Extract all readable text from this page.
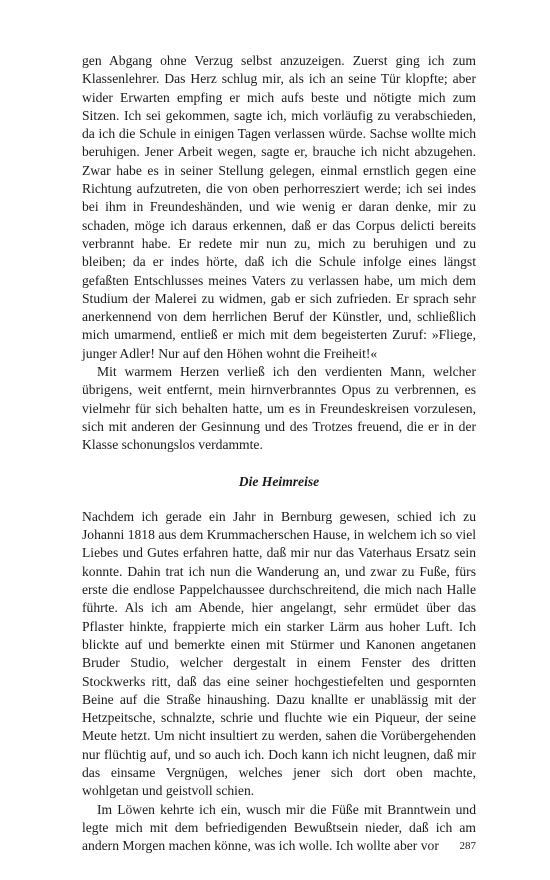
gen Abgang ohne Verzug selbst anzuzeigen. Zuerst ging ich zum Klassenlehrer. Das Herz schlug mir, als ich an seine Tür klopfte; aber wider Erwarten empfing er mich aufs beste und nötigte mich zum Sitzen. Ich sei gekommen, sagte ich, mich vorläufig zu verabschieden, da ich die Schule in einigen Tagen verlassen würde. Sachse wollte mich beruhigen. Jener Arbeit wegen, sagte er, brauche ich nicht abzugehen. Zwar habe es in seiner Stellung gelegen, einmal ernstlich gegen eine Richtung aufzutreten, die von oben perhorresziert werde; ich sei indes bei ihm in Freundeshänden, und wie wenig er daran denke, mir zu schaden, möge ich daraus erkennen, daß er das Corpus delicti bereits verbrannt habe. Er redete mir nun zu, mich zu beruhigen und zu bleiben; da er indes hörte, daß ich die Schule infolge eines längst gefaßten Entschlusses meines Vaters zu verlassen habe, um mich dem Studium der Malerei zu widmen, gab er sich zufrieden. Er sprach sehr anerkennend von dem herrlichen Beruf der Künstler, und, schließlich mich umarmend, entließ er mich mit dem begeisterten Zuruf: »Fliege, junger Adler! Nur auf den Höhen wohnt die Freiheit!«

Mit warmem Herzen verließ ich den verdienten Mann, welcher übrigens, weit entfernt, mein hirnverbranntes Opus zu verbrennen, es vielmehr für sich behalten hatte, um es in Freundeskreisen vorzulesen, sich mit anderen der Gesinnung und des Trotzes freuend, die er in der Klasse schonungslos verdammte.

Die Heimreise

Nachdem ich gerade ein Jahr in Bernburg gewesen, schied ich zu Johanni 1818 aus dem Krummacherschen Hause, in welchem ich so viel Liebes und Gutes erfahren hatte, daß mir nur das Vaterhaus Ersatz sein konnte. Dahin trat ich nun die Wanderung an, und zwar zu Fuße, fürs erste die endlose Pappelchaussee durchschreitend, die mich nach Halle führte. Als ich am Abende, hier angelangt, sehr ermüdet über das Pflaster hinkte, frappierte mich ein starker Lärm aus hoher Luft. Ich blickte auf und bemerkte einen mit Stürmer und Kanonen angetanen Bruder Studio, welcher dergestalt in einem Fenster des dritten Stockwerks ritt, daß das eine seiner hochgestiefelten und gespornten Beine auf die Straße hinaushing. Dazu knallte er unablässig mit der Hetzpeitsche, schnalzte, schrie und fluchte wie ein Piqueur, der seine Meute hetzt. Um nicht insultiert zu werden, sahen die Vorübergehenden nur flüchtig auf, und so auch ich. Doch kann ich nicht leugnen, daß mir das einsame Vergnügen, welches jener sich dort oben machte, wohlgetan und geistvoll schien.

Im Löwen kehrte ich ein, wusch mir die Füße mit Branntwein und legte mich mit dem befriedigenden Bewußtsein nieder, daß ich am andern Morgen machen könne, was ich wolle. Ich wollte aber vor	287
